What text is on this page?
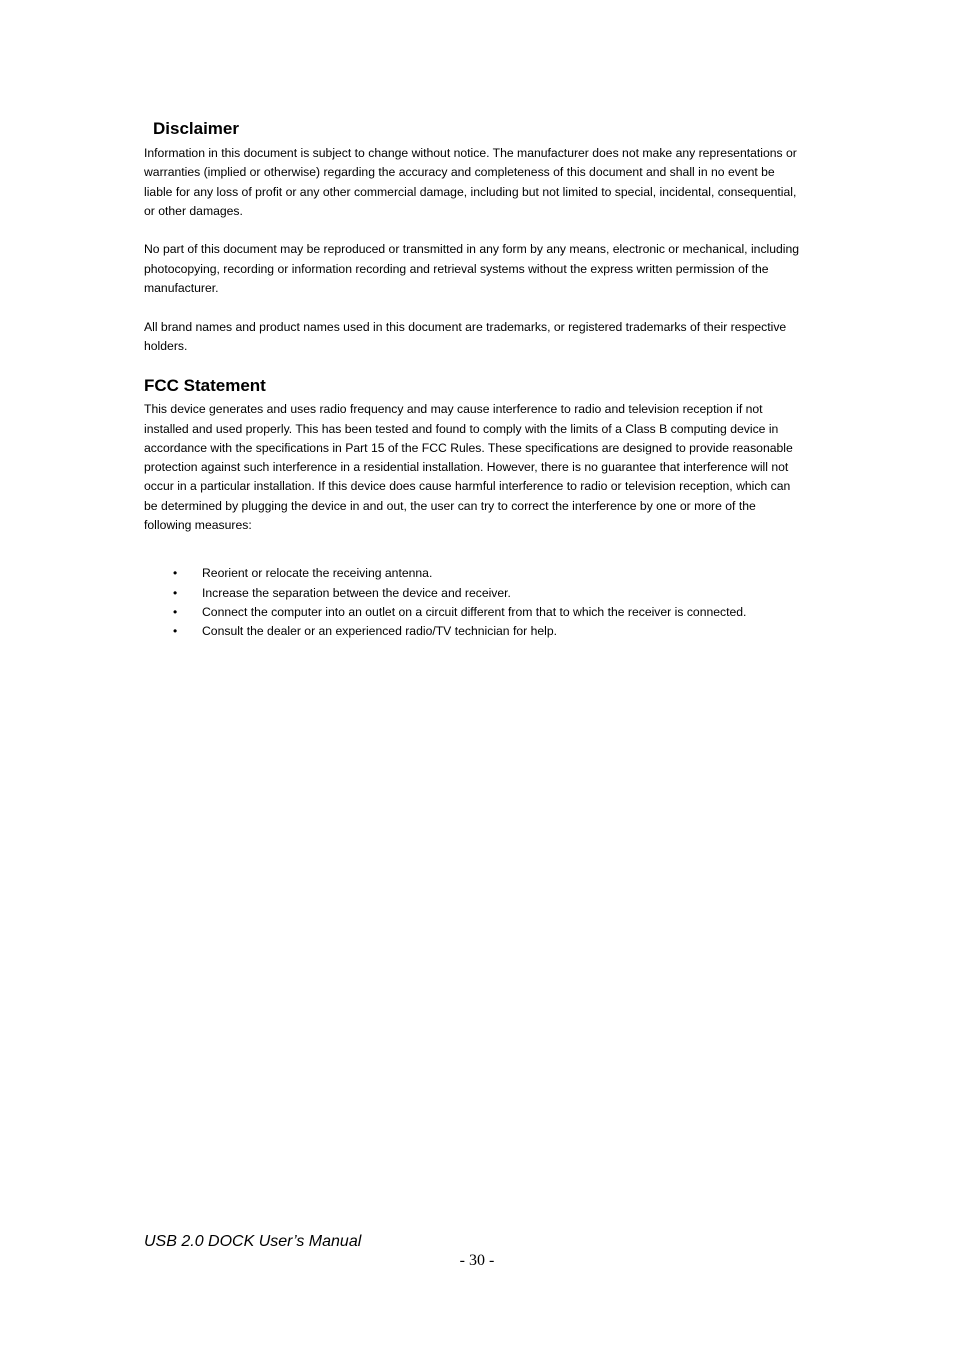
Disclaimer

Information in this document is subject to change without notice. The manufacturer does not make any representations or warranties (implied or otherwise) regarding the accuracy and completeness of this document and shall in no event be liable for any loss of profit or any other commercial damage, including but not limited to special, incidental, consequential, or other damages.

No part of this document may be reproduced or transmitted in any form by any means, electronic or mechanical, including photocopying, recording or information recording and retrieval systems without the express written permission of the manufacturer.

All brand names and product names used in this document are trademarks, or registered trademarks of their respective holders.

FCC Statement

This device generates and uses radio frequency and may cause interference to radio and television reception if not installed and used properly. This has been tested and found to comply with the limits of a Class B computing device in accordance with the specifications in Part 15 of the FCC Rules. These specifications are designed to provide reasonable protection against such interference in a residential installation. However, there is no guarantee that interference will not occur in a particular installation. If this device does cause harmful interference to radio or television reception, which can be determined by plugging the device in and out, the user can try to correct the interference by one or more of the following measures:

• Reorient or relocate the receiving antenna.
• Increase the separation between the device and receiver.
• Connect the computer into an outlet on a circuit different from that to which the receiver is connected.
• Consult the dealer or an experienced radio/TV technician for help.
USB 2.0 DOCK User’s Manual
- 30 -
